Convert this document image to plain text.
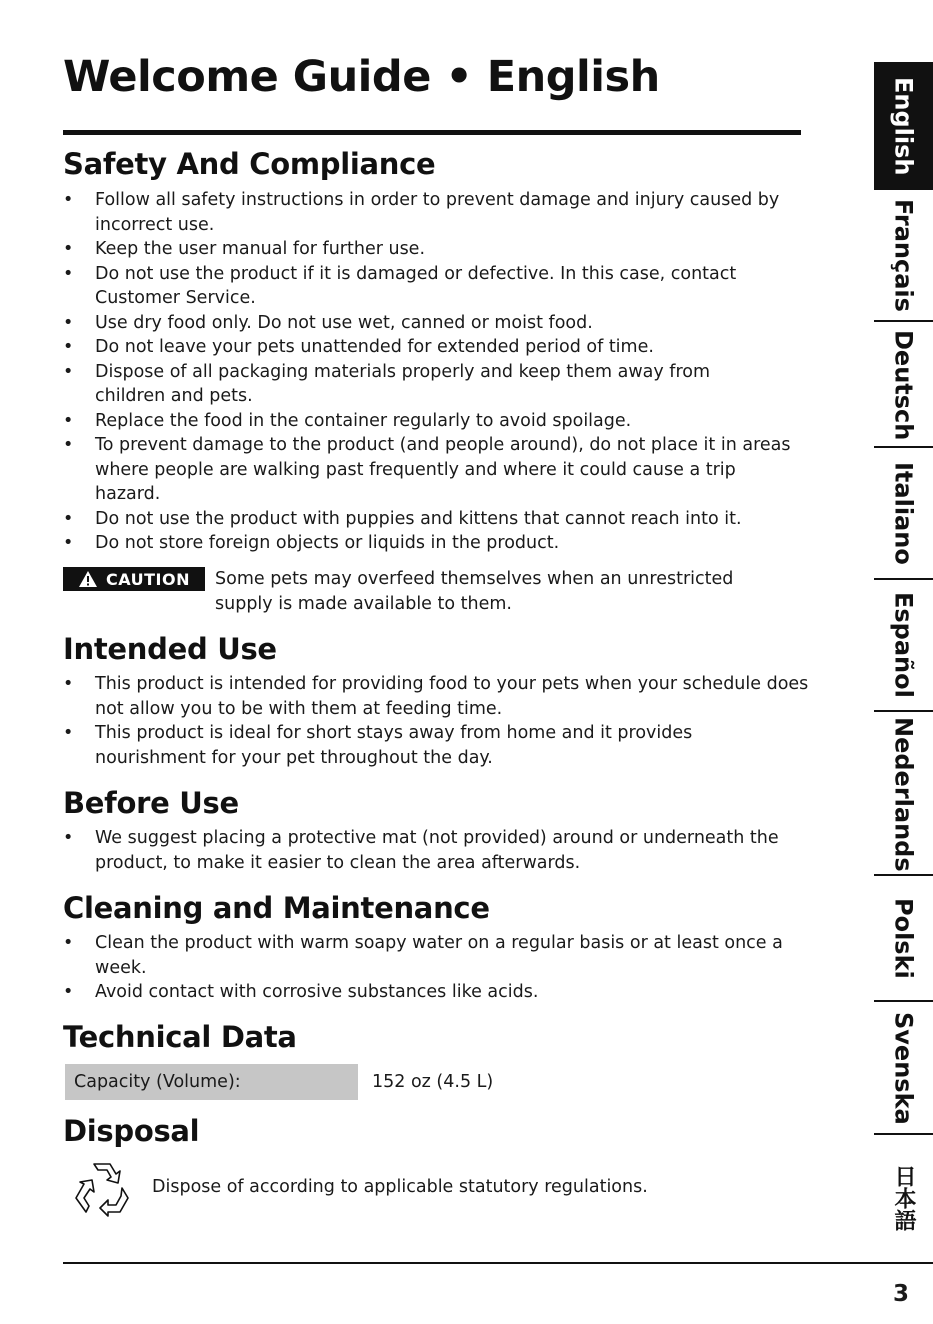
Welcome Guide • English
Safety And Compliance
• Follow all safety instructions in order to prevent damage and injury caused by incorrect use.
• Keep the user manual for further use.
• Do not use the product if it is damaged or defective. In this case, contact Customer Service.
• Use dry food only. Do not use wet, canned or moist food.
• Do not leave your pets unattended for extended period of time.
• Dispose of all packaging materials properly and keep them away from children and pets.
• Replace the food in the container regularly to avoid spoilage.
• To prevent damage to the product (and people around), do not place it in areas where people are walking past frequently and where it could cause a trip hazard.
• Do not use the product with puppies and kittens that cannot reach into it.
• Do not store foreign objects or liquids in the product.
CAUTION Some pets may overfeed themselves when an unrestricted supply is made available to them.
Intended Use
• This product is intended for providing food to your pets when your schedule does not allow you to be with them at feeding time.
• This product is ideal for short stays away from home and it provides nourishment for your pet throughout the day.
Before Use
• We suggest placing a protective mat (not provided) around or underneath the product, to make it easier to clean the area afterwards.
Cleaning and Maintenance
• Clean the product with warm soapy water on a regular basis or at least once a week.
• Avoid contact with corrosive substances like acids.
Technical Data
Capacity (Volume):	152 oz (4.5 L)
Disposal
Dispose of according to applicable statutory regulations.
3
English
Français
Deutsch
Italiano
Español
Nederlands
Polski
Svenska
日本語
